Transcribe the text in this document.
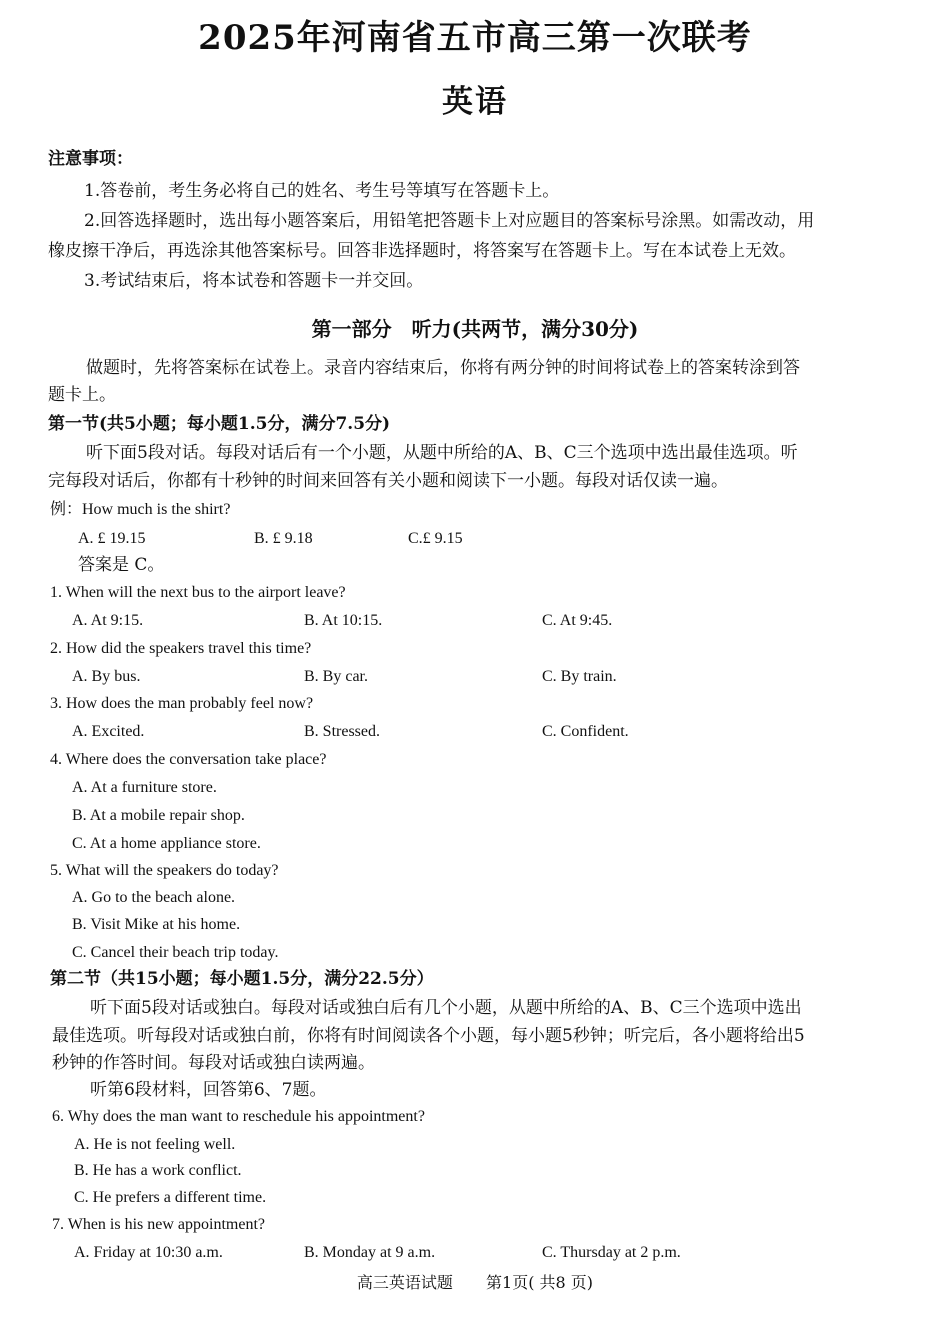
2025年河南省五市高三第一次联考
英语
注意事项：
1.答卷前，考生务必将自己的姓名、考生号等填写在答题卡上。
2.回答选择题时，选出每小题答案后，用铅笔把答题卡上对应题目的答案标号涂黑。如需改动，用
橡皮擦干净后，再选涂其他答案标号。回答非选择题时，将答案写在答题卡上。写在本试卷上无效。
3.考试结束后，将本试卷和答题卡一并交回。
第一部分　听力(共两节，满分30分)
做题时，先将答案标在试卷上。录音内容结束后，你将有两分钟的时间将试卷上的答案转涂到答
题卡上。
第一节(共5小题；每小题1.5分，满分7.5分)
听下面5段对话。每段对话后有一个小题，从题中所给的A、B、C三个选项中选出最佳选项。听
完每段对话后，你都有十秒钟的时间来回答有关小题和阅读下一小题。每段对话仅读一遍。
例：How much is the shirt?
A. £ 19.15	B. £ 9.18	C.£ 9.15
答案是 C。
1. When will the next bus to the airport leave?
A. At 9:15.	B. At 10:15.	C. At 9:45.
2. How did the speakers travel this time?
A. By bus.	B. By car.	C. By train.
3. How does the man probably feel now?
A. Excited.	B. Stressed.	C. Confident.
4. Where does the conversation take place?
A. At a furniture store.
B. At a mobile repair shop.
C. At a home appliance store.
5. What will the speakers do today?
A. Go to the beach alone.
B. Visit Mike at his home.
C. Cancel their beach trip today.
第二节（共15小题；每小题1.5分，满分22.5分）
听下面5段对话或独白。每段对话或独白后有几个小题，从题中所给的A、B、C三个选项中选出
最佳选项。听每段对话或独白前，你将有时间阅读各个小题，每小题5秒钟；听完后，各小题将给出5
秒钟的作答时间。每段对话或独白读两遍。
听第6段材料，回答第6、7题。
6. Why does the man want to reschedule his appointment?
A. He is not feeling well.
B. He has a work conflict.
C. He prefers a different time.
7. When is his new appointment?
A. Friday at 10:30 a.m.	B. Monday at 9 a.m.	C. Thursday at 2 p.m.
高三英语试题 第1页( 共8 页)
